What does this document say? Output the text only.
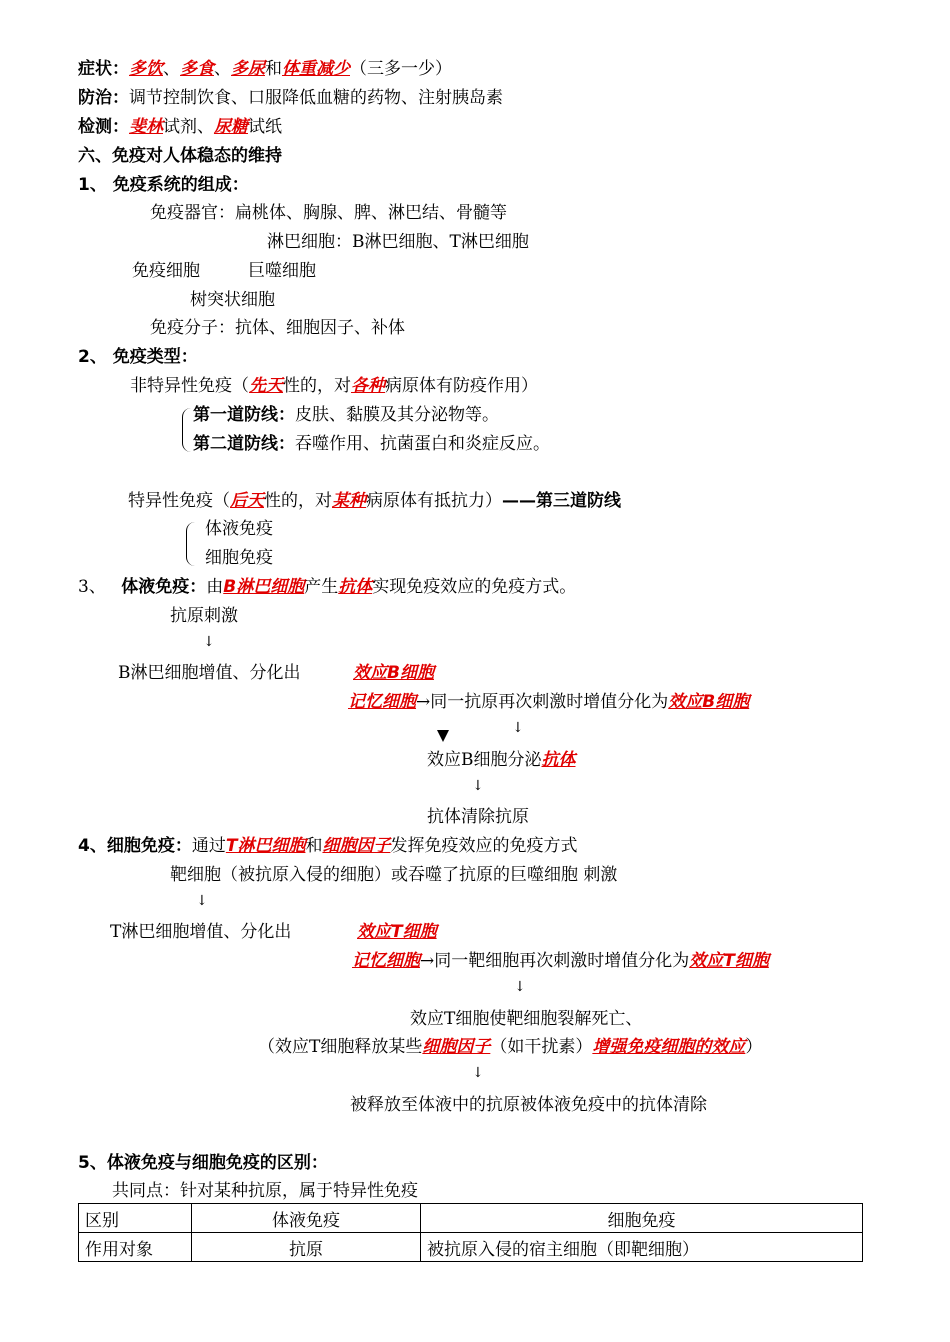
症状：多饮、多食、多尿和体重减少（三多一少）
防治：调节控制饮食、口服降低血糖的药物、注射胰岛素
检测：斐林试剂、尿糖试纸
六、免疫对人体稳态的维持
1、 免疫系统的组成：
免疫器官：扁桃体、胸腺、脾、淋巴结、骨髓等
淋巴细胞：B淋巴细胞、T淋巴细胞
免疫细胞	巨噬细胞
树突状细胞
免疫分子：抗体、细胞因子、补体
2、 免疫类型：
非特异性免疫（先天性的，对各种病原体有防疫作用）
第一道防线：皮肤、黏膜及其分泌物等。
第二道防线：吞噬作用、抗菌蛋白和炎症反应。
特异性免疫（后天性的，对某种病原体有抵抗力）——第三道防线
体液免疫
细胞免疫
3、 体液免疫：由B淋巴细胞产生抗体实现免疫效应的免疫方式。
抗原刺激
↓
B淋巴细胞增值、分化出	效应B细胞
记忆细胞→同一抗原再次刺激时增值分化为效应B细胞
↓
效应B细胞分泌抗体
↓
抗体清除抗原
4、细胞免疫：通过T淋巴细胞和细胞因子发挥免疫效应的免疫方式
靶细胞（被抗原入侵的细胞）或吞噬了抗原的巨噬细胞 刺激
↓
T淋巴细胞增值、分化出	效应T细胞
记忆细胞→同一靶细胞再次刺激时增值分化为效应T细胞
↓
效应T细胞使靶细胞裂解死亡、
（效应T细胞释放某些细胞因子（如干扰素）增强免疫细胞的效应）
↓
被释放至体液中的抗原被体液免疫中的抗体清除
5、体液免疫与细胞免疫的区别：
共同点：针对某种抗原，属于特异性免疫
区别	体液免疫	细胞免疫
作用对象	抗原	被抗原入侵的宿主细胞（即靶细胞）
